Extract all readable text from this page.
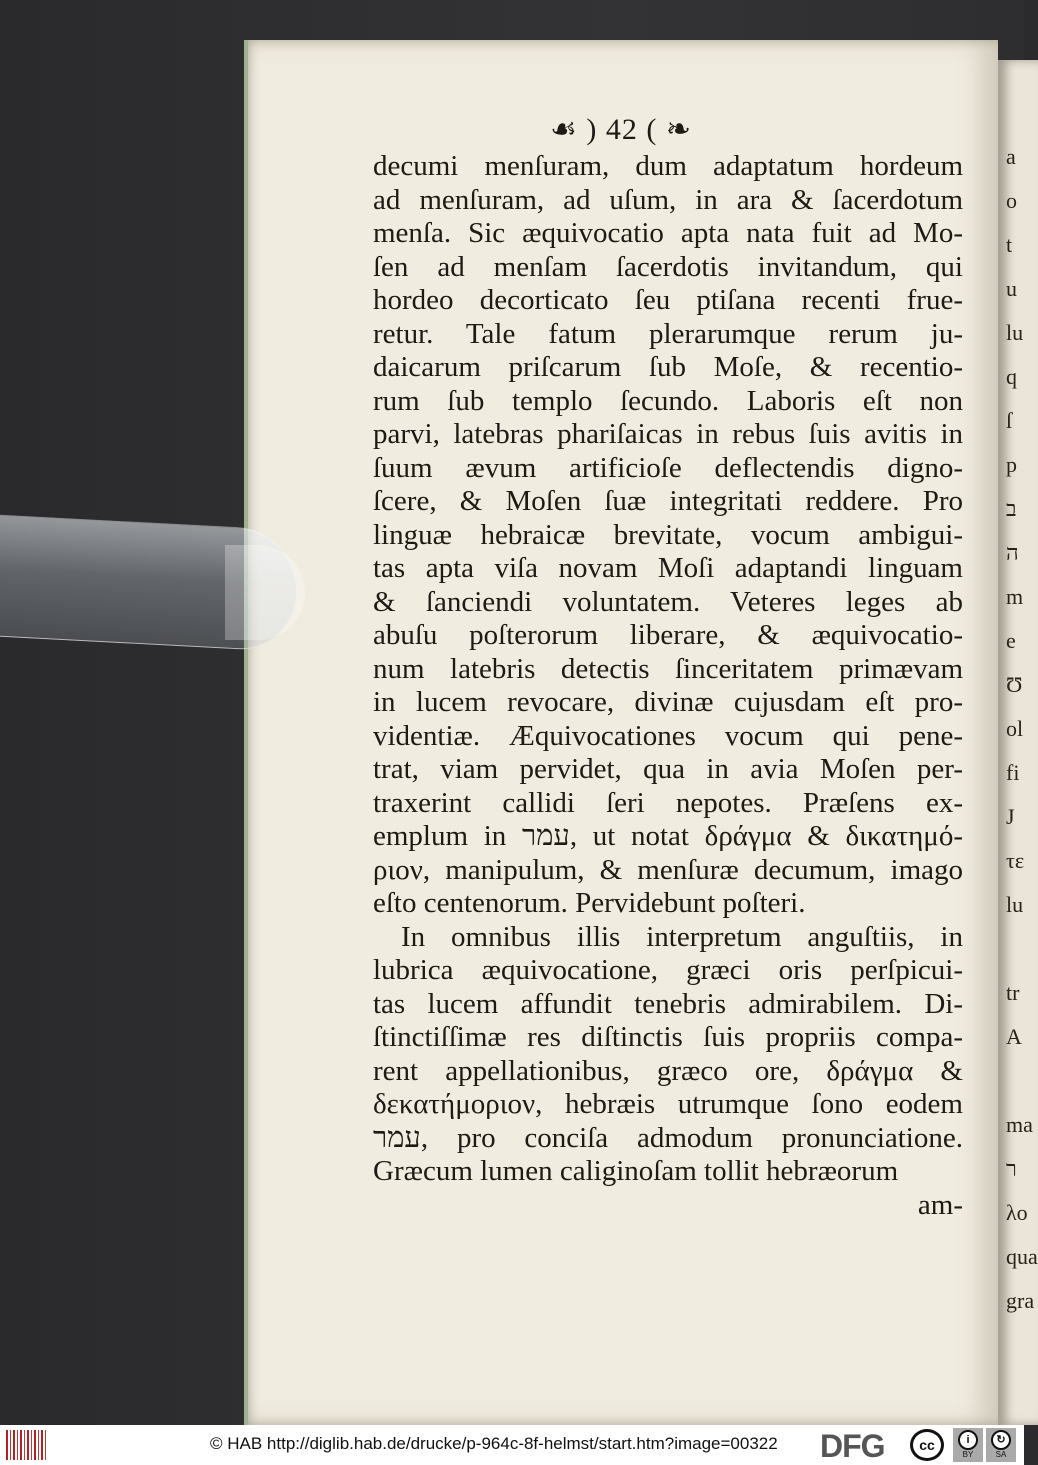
a
o
t
u
lu
q
ſ
p
ב
ה
m
e
Ʊ
ol
fi
J
τε
lu
tr
A
ma
ר
λο
qua
gra
☙ ) 42 ( ❧
decumi menſuram, dum adaptatum hordeum
ad menſuram, ad uſum, in ara & ſacerdotum
menſa. Sic æquivocatio apta nata fuit ad Mo-
ſen ad menſam ſacerdotis invitandum, qui
hordeo decorticato ſeu ptiſana recenti frue-
retur. Tale fatum plerarumque rerum ju-
daicarum priſcarum ſub Moſe, & recentio-
rum ſub templo ſecundo. Laboris eſt non
parvi, latebras phariſaicas in rebus ſuis avitis in
ſuum ævum artificioſe deflectendis digno-
ſcere, & Moſen ſuæ integritati reddere. Pro
linguæ hebraicæ brevitate, vocum ambigui-
tas apta viſa novam Moſi adaptandi linguam
& ſanciendi voluntatem. Veteres leges ab
abuſu poſterorum liberare, & æquivocatio-
num latebris detectis ſinceritatem primævam
in lucem revocare, divinæ cujusdam eſt pro-
videntiæ. Æquivocationes vocum qui pene-
trat, viam pervidet, qua in avia Moſen per-
traxerint callidi ſeri nepotes. Præſens ex-
emplum in עמר, ut notat δράγμα & δικατημό-
ριον, manipulum, & menſuræ decumum, imago
eſto centenorum. Pervidebunt poſteri.
In omnibus illis interpretum anguſtiis, in
lubrica æquivocatione, græci oris perſpicui-
tas lucem affundit tenebris admirabilem. Di-
ſtinctiſſimæ res diſtinctis ſuis propriis compa-
rent appellationibus, græco ore, δράγμα &
δεκατήμοριον, hebræis utrumque ſono eodem
עמר, pro conciſa admodum pronunciatione.
Græcum lumen caliginoſam tollit hebræorum
am-
© HAB http://diglib.hab.de/drucke/p-964c-8f-helmst/start.htm?image=00322 DFG	cc	i
BY
↻
SA
